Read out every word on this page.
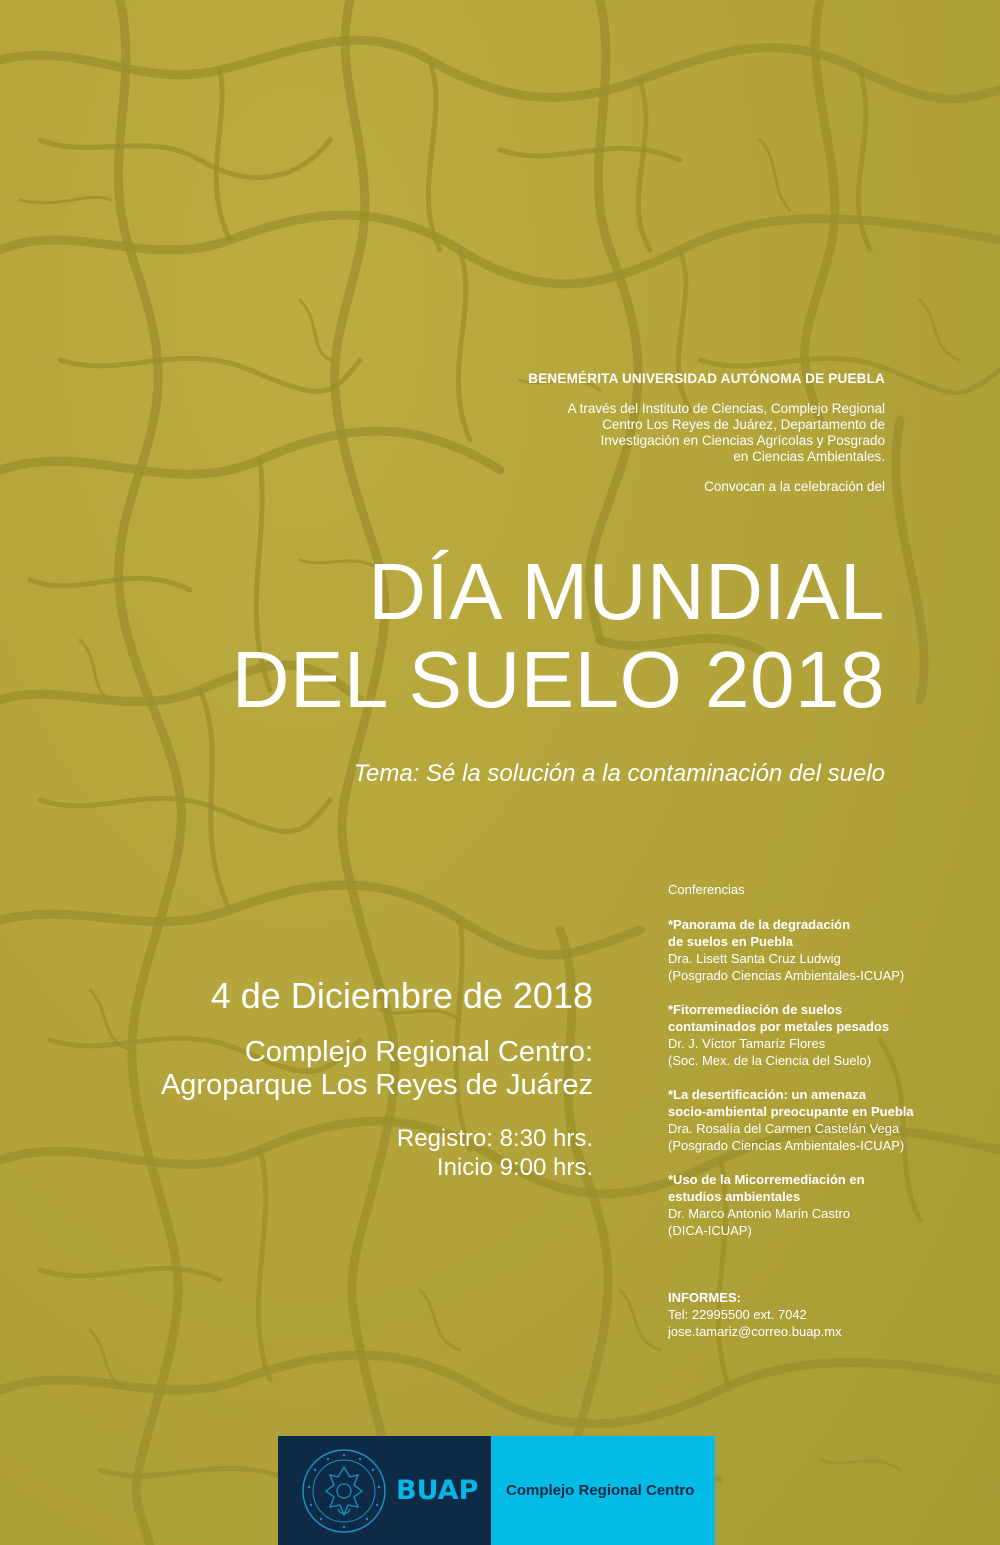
BENEMÉRITA UNIVERSIDAD AUTÓNOMA DE PUEBLA
A través del Instituto de Ciencias, Complejo Regional
Centro Los Reyes de Juárez, Departamento de
Investigación en Ciencias Agrícolas y Posgrado
en Ciencias Ambientales.
Convocan a la celebración del
DÍA MUNDIAL
DEL SUELO 2018
Tema: Sé la solución a la contaminación del suelo
4 de Diciembre de 2018
Complejo Regional Centro:
Agroparque Los Reyes de Juárez
Registro: 8:30 hrs.
Inicio 9:00 hrs.
Conferencias
*Panorama de la degradación
de suelos en Puebla
Dra. Lisett Santa Cruz Ludwig
(Posgrado Ciencias Ambientales-ICUAP)
*Fitorremediación de suelos
contaminados por metales pesados
Dr. J. Víctor Tamaríz Flores
(Soc. Mex. de la Ciencia del Suelo)
*La desertificación: un amenaza
socio-ambiental preocupante en Puebla
Dra. Rosalía del Carmen Castelán Vega
(Posgrado Ciencias Ambientales-ICUAP)
*Uso de la Micorremediación en
estudios ambientales
Dr. Marco Antonio Marín Castro
(DICA-ICUAP)
INFORMES:
Tel: 22995500 ext. 7042
jose.tamariz@correo.buap.mx
BUAP Complejo Regional Centro
